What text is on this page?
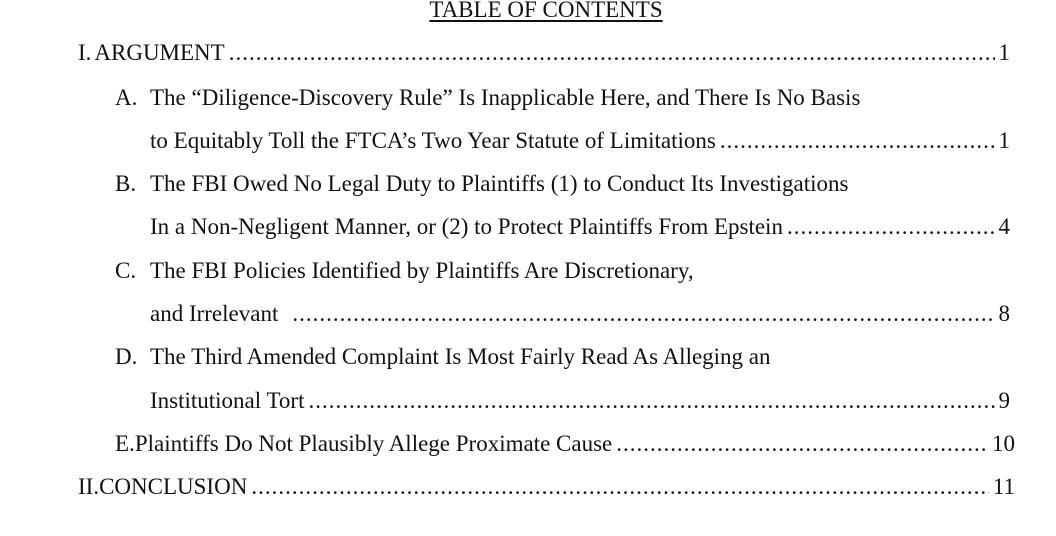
TABLE OF CONTENTS
I. ARGUMENT .....	1
A. The “Diligence-Discovery Rule” Is Inapplicable Here, and There Is No Basis
to Equitably Toll the FTCA’s Two Year Statute of Limitations .....	1
B. The FBI Owed No Legal Duty to Plaintiffs (1) to Conduct Its Investigations
In a Non-Negligent Manner, or (2) to Protect Plaintiffs From Epstein .....	4
C. The FBI Policies Identified by Plaintiffs Are Discretionary,
and Irrelevant .....	8
D. The Third Amended Complaint Is Most Fairly Read As Alleging an
Institutional Tort .....	9
E. Plaintiffs Do Not Plausibly Allege Proximate Cause .....	10
II. CONCLUSION .....	11
